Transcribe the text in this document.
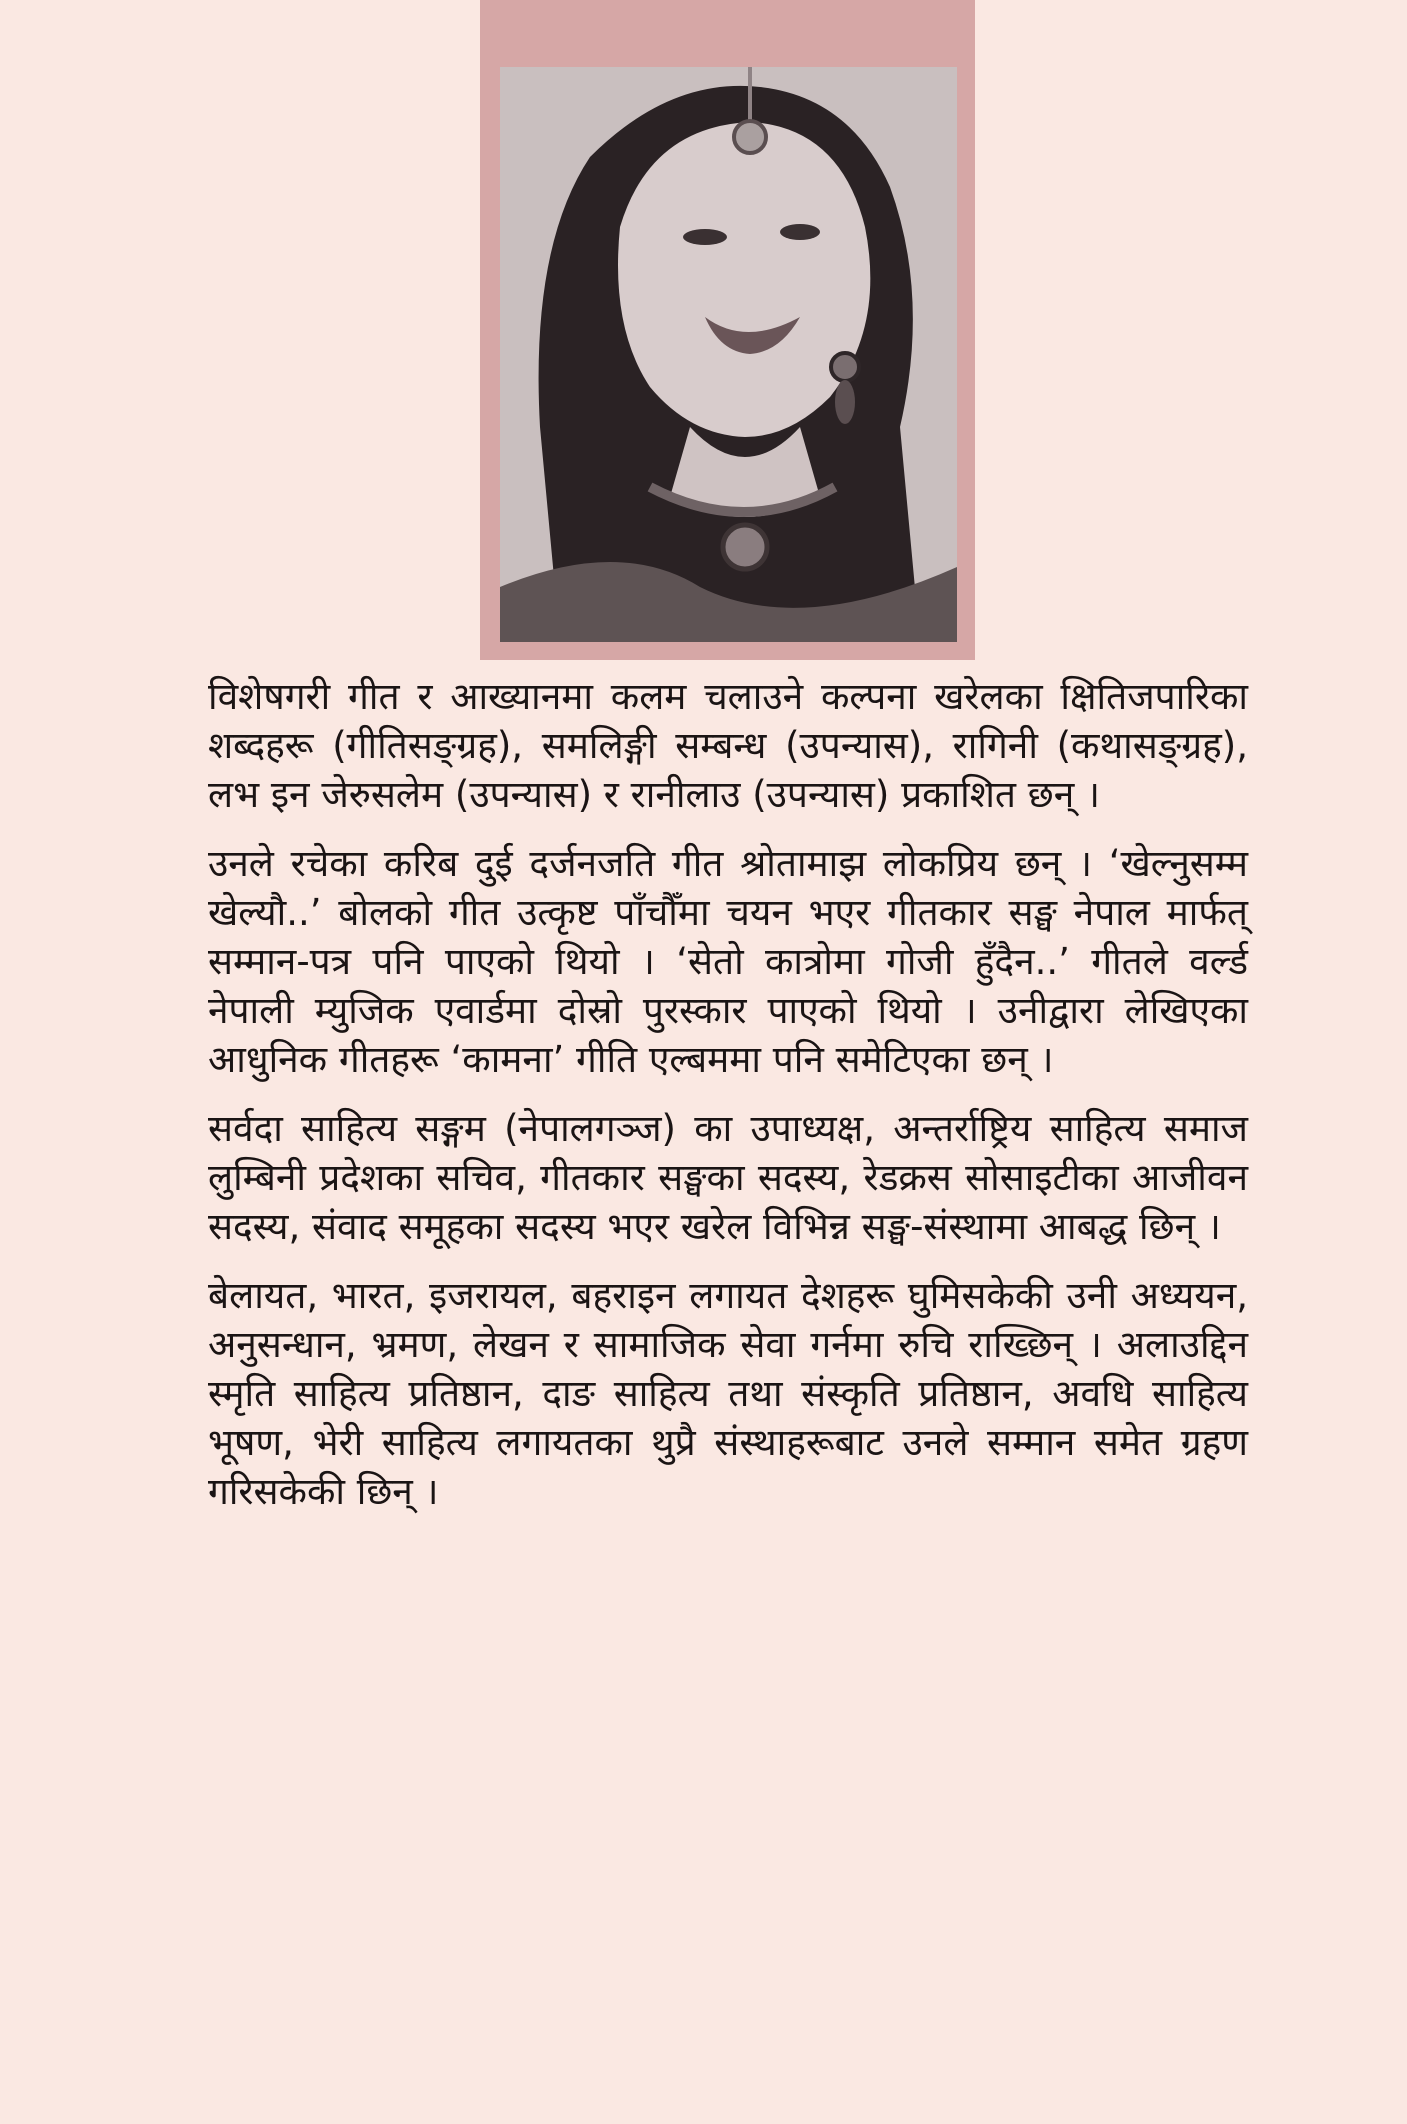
विशेषगरी गीत र आख्यानमा कलम चलाउने कल्पना खरेलका क्षितिजपारिका शब्दहरू (गीतिसङ्ग्रह), समलिङ्गी सम्बन्ध (उपन्यास), रागिनी (कथासङ्ग्रह), लभ इन जेरुसलेम (उपन्यास) र रानीलाउ (उपन्यास) प्रकाशित छन् ।

उनले रचेका करिब दुई दर्जनजति गीत श्रोतामाझ लोकप्रिय छन् । ‘खेल्नुसम्म खेल्यौ..’ बोलको गीत उत्कृष्ट पाँचौँमा चयन भएर गीतकार सङ्घ नेपाल मार्फत् सम्मान-पत्र पनि पाएको थियो । ‘सेतो कात्रोमा गोजी हुँदैन..’ गीतले वर्ल्ड नेपाली म्युजिक एवार्डमा दोस्रो पुरस्कार पाएको थियो । उनीद्वारा लेखिएका आधुनिक गीतहरू ‘कामना’ गीति एल्बममा पनि समेटिएका छन् ।

सर्वदा साहित्य सङ्गम (नेपालगञ्ज) का उपाध्यक्ष, अन्तर्राष्ट्रिय साहित्य समाज लुम्बिनी प्रदेशका सचिव, गीतकार सङ्घका सदस्य, रेडक्रस सोसाइटीका आजीवन सदस्य, संवाद समूहका सदस्य भएर खरेल विभिन्न सङ्घ-संस्थामा आबद्ध छिन् ।

बेलायत, भारत, इजरायल, बहराइन लगायत देशहरू घुमिसकेकी उनी अध्ययन, अनुसन्धान, भ्रमण, लेखन र सामाजिक सेवा गर्नमा रुचि राख्छिन् । अलाउद्दिन स्मृति साहित्य प्रतिष्ठान, दाङ साहित्य तथा संस्कृति प्रतिष्ठान, अवधि साहित्य भूषण, भेरी साहित्य लगायतका थुप्रै संस्थाहरूबाट उनले सम्मान समेत ग्रहण गरिसकेकी छिन् ।
